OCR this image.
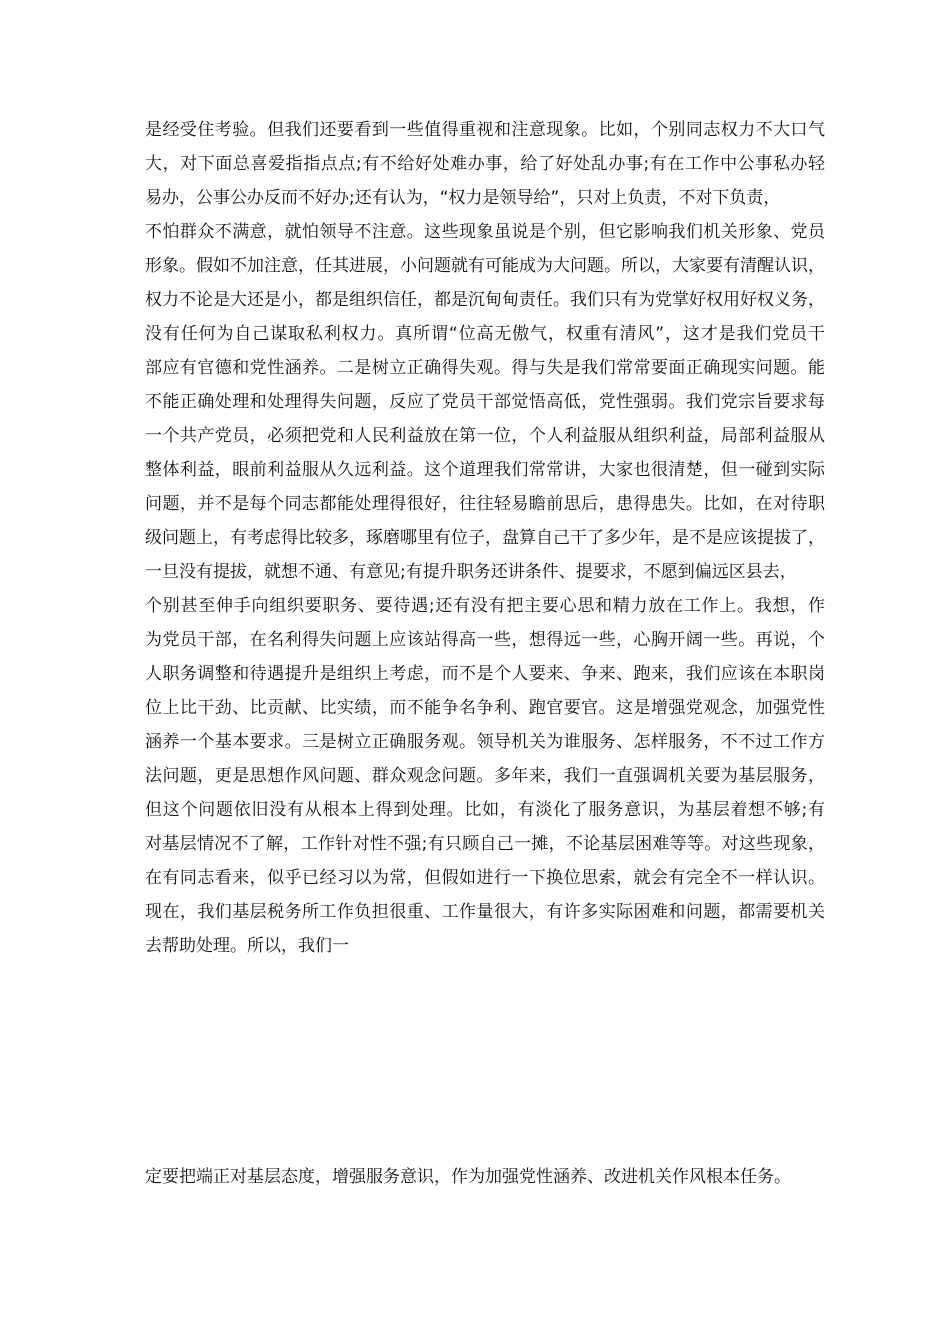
是经受住考验。但我们还要看到一些值得重视和注意现象。比如，个别同志权力不大口气
大，对下面总喜爱指指点点;有不给好处难办事，给了好处乱办事;有在工作中公事私办轻
易办，公事公办反而不好办;还有认为，“权力是领导给”，只对上负责，不对下负责，
不怕群众不满意，就怕领导不注意。这些现象虽说是个别，但它影响我们机关形象、党员
形象。假如不加注意，任其进展，小问题就有可能成为大问题。所以，大家要有清醒认识，
权力不论是大还是小，都是组织信任，都是沉甸甸责任。我们只有为党掌好权用好权义务，
没有任何为自己谋取私利权力。真所谓“位高无傲气，权重有清风”，这才是我们党员干
部应有官德和党性涵养。二是树立正确得失观。得与失是我们常常要面正确现实问题。能
不能正确处理和处理得失问题，反应了党员干部觉悟高低，党性强弱。我们党宗旨要求每
一个共产党员，必须把党和人民利益放在第一位，个人利益服从组织利益，局部利益服从
整体利益，眼前利益服从久远利益。这个道理我们常常讲，大家也很清楚，但一碰到实际
问题，并不是每个同志都能处理得很好，往往轻易瞻前思后，患得患失。比如，在对待职
级问题上，有考虑得比较多，琢磨哪里有位子，盘算自己干了多少年，是不是应该提拔了，
一旦没有提拔，就想不通、有意见;有提升职务还讲条件、提要求，不愿到偏远区县去，
个别甚至伸手向组织要职务、要待遇;还有没有把主要心思和精力放在工作上。我想，作
为党员干部，在名利得失问题上应该站得高一些，想得远一些，心胸开阔一些。再说，个
人职务调整和待遇提升是组织上考虑，而不是个人要来、争来、跑来，我们应该在本职岗
位上比干劲、比贡献、比实绩，而不能争名争利、跑官要官。这是增强党观念，加强党性
涵养一个基本要求。三是树立正确服务观。领导机关为谁服务、怎样服务，不不过工作方
法问题，更是思想作风问题、群众观念问题。多年来，我们一直强调机关要为基层服务，
但这个问题依旧没有从根本上得到处理。比如，有淡化了服务意识，为基层着想不够;有
对基层情况不了解，工作针对性不强;有只顾自己一摊，不论基层困难等等。对这些现象，
在有同志看来，似乎已经习以为常，但假如进行一下换位思索，就会有完全不一样认识。
现在，我们基层税务所工作负担很重、工作量很大，有许多实际困难和问题，都需要机关
去帮助处理。所以，我们一
定要把端正对基层态度，增强服务意识，作为加强党性涵养、改进机关作风根本任务。
